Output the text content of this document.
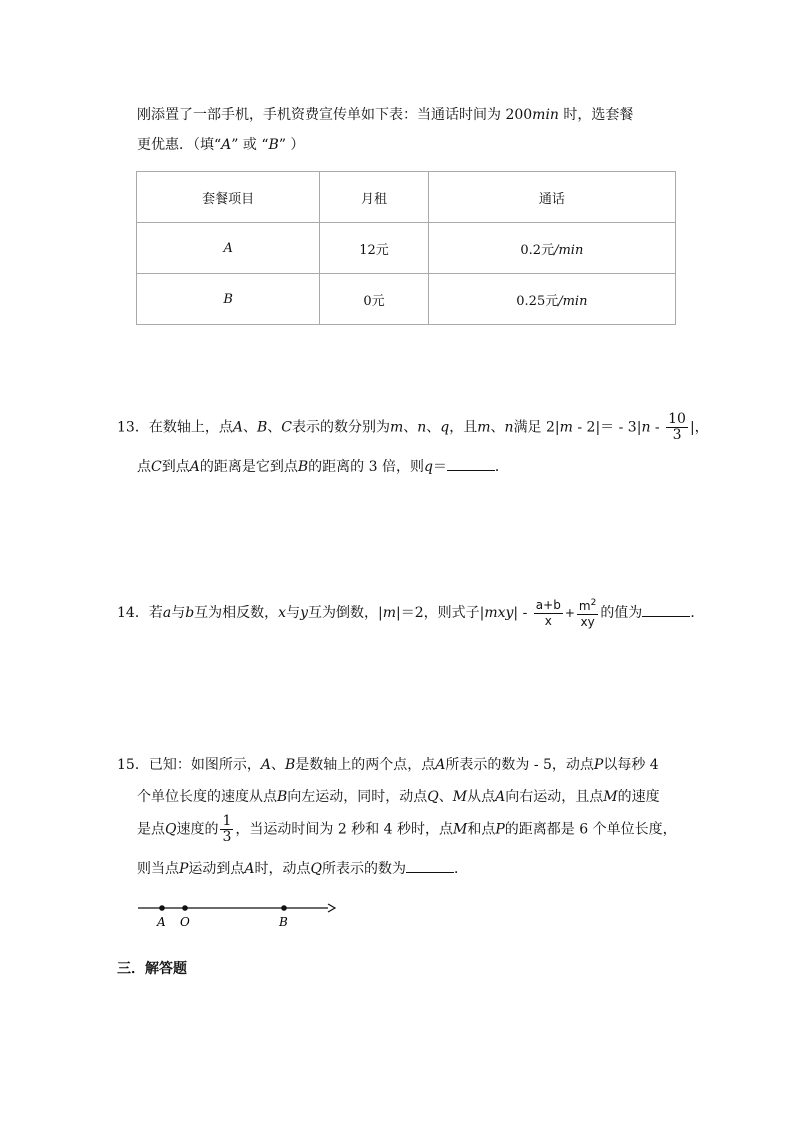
刚添置了一部手机，手机资费宣传单如下表：当通话时间为 200min 时，选套餐
更优惠．（填“A” 或 “B” ）
套餐项目	月租	通话
A	12元	0.2元/min
B	0元	0.25元/min
13．在数轴上，点A、B、C表示的数分别为m、n、q，且m、n满足 $2|m - 2|= - 3|n - \frac{10}{3}$ |，
点C到点A的距离是它到点B的距离的 3 倍，则q＝	．
14．若a与b互为相反数，x与y互为倒数，|m|＝2，则式子$|mxy| - \frac{a+b}{x} + \frac{m^2}{xy}$ 的值为	．
15．已知：如图所示，A、B是数轴上的两个点，点A所表示的数为 - 5，动点P以每秒 4
个单位长度的速度从点B向左运动，同时，动点Q、M从点A向右运动，且点M的速度
是点Q速度的 $\frac{1}{3}$ ，当运动时间为 2 秒和 4 秒时，点M和点P的距离都是 6 个单位长度，
则当点P运动到点A时，动点Q所表示的数为	．
A O	B
三．解答题
